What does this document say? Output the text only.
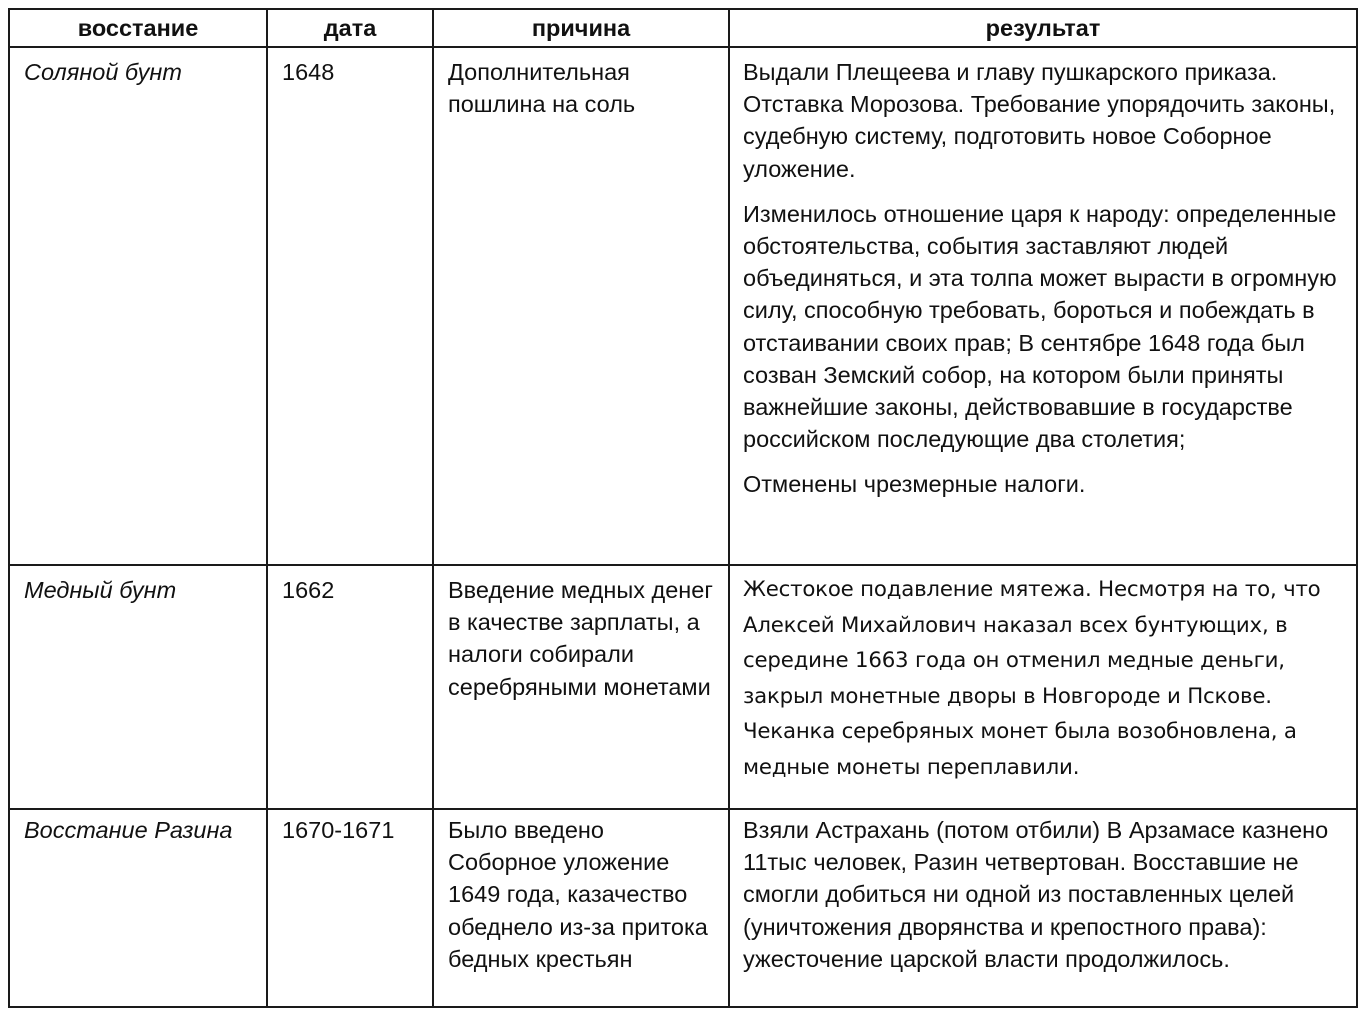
восстание	дата	причина	результат

Соляной бунт	1648	Дополнительная пошлина на соль	Выдали Плещеева и главу пушкарского приказа. Отставка Морозова. Требование упорядочить законы, судебную систему, подготовить новое Соборное уложение.

Изменилось отношение царя к народу: определенные обстоятельства, события заставляют людей объединяться, и эта толпа может вырасти в огромную силу, способную требовать, бороться и побеждать в отстаивании своих прав; В сентябре 1648 года был созван Земский собор, на котором были приняты важнейшие законы, действовавшие в государстве российском последующие два столетия;

Отменены чрезмерные налоги.

Медный бунт	1662	Введение медных денег в качестве зарплаты, а налоги собирали серебряными монетами	Жестокое подавление мятежа. Несмотря на то, что Алексей Михайлович наказал всех бунтующих, в середине 1663 года он отменил медные деньги, закрыл монетные дворы в Новгороде и Пскове. Чеканка серебряных монет была возобновлена, а медные монеты переплавили.

Восстание Разина	1670-1671	Было введено Соборное уложение 1649 года, казачество обеднело из-за притока бедных крестьян	Взяли Астрахань (потом отбили) В Арзамасе казнено 11тыс человек, Разин четвертован. Восставшие не смогли добиться ни одной из поставленных целей (уничтожения дворянства и крепостного права): ужесточение царской власти продолжилось.
